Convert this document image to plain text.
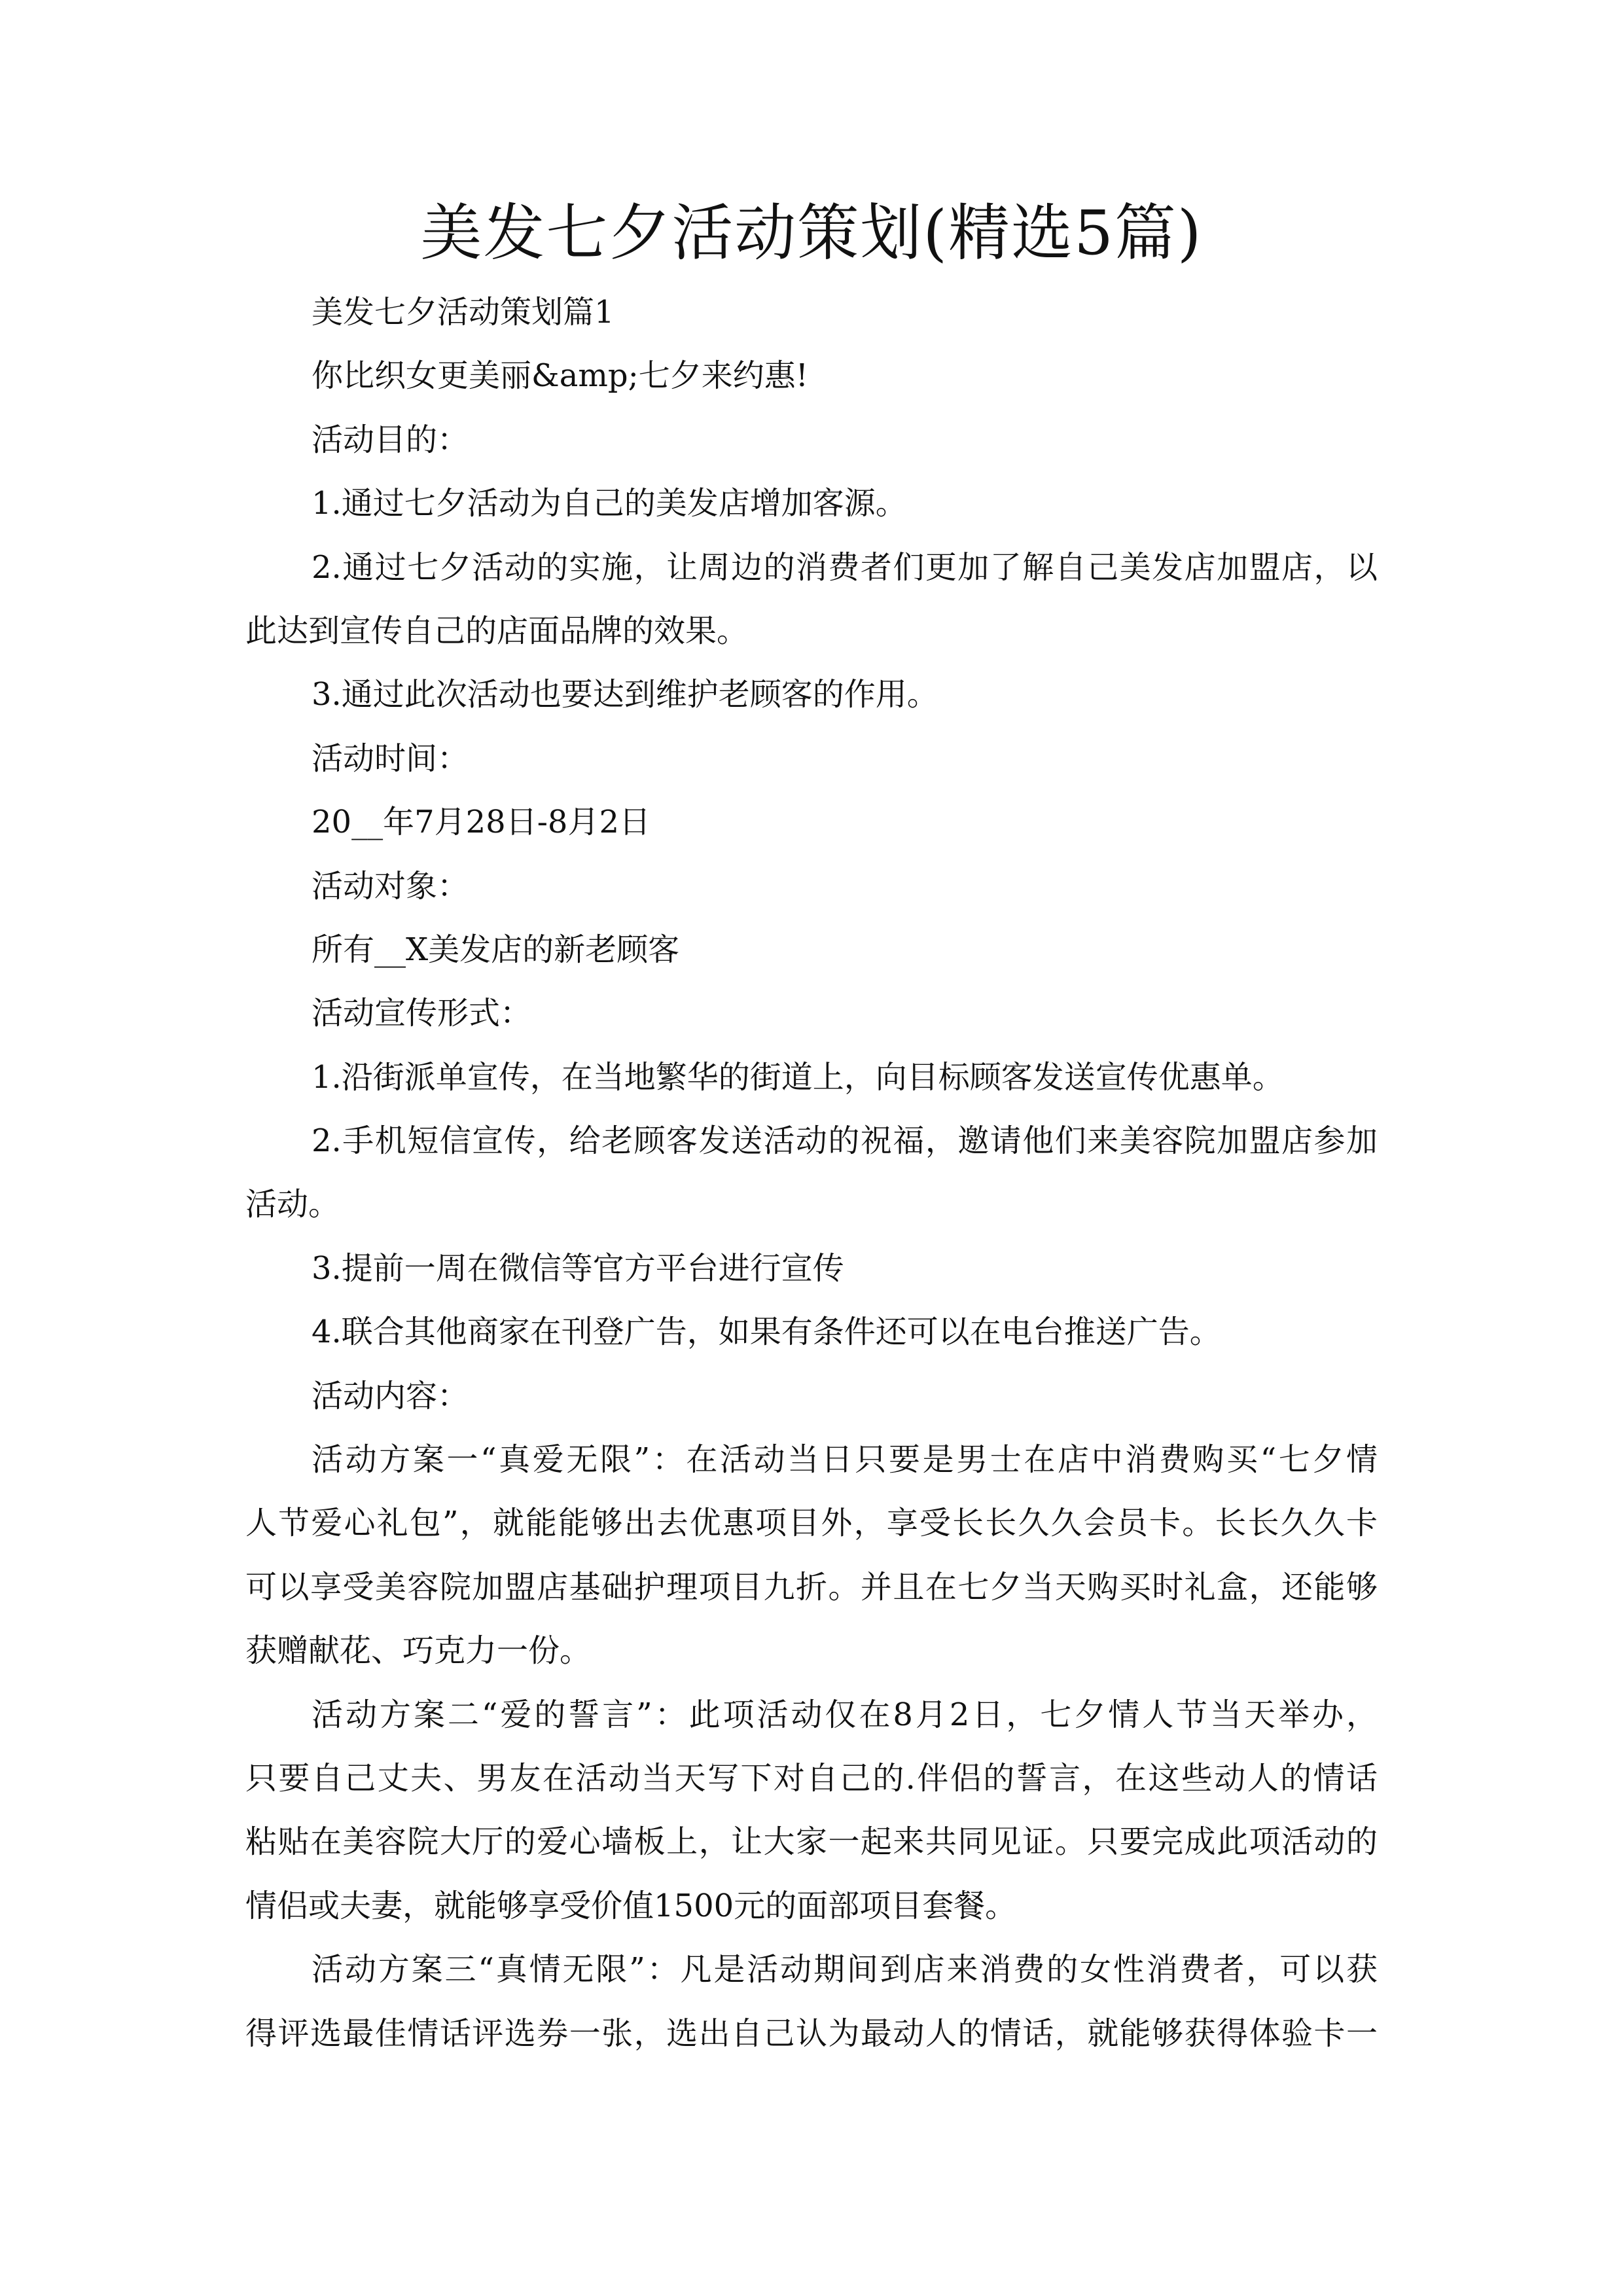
美发七夕活动策划(精选5篇)
美发七夕活动策划篇1
你比织女更美丽&amp;七夕来约惠!
活动目的：
1.通过七夕活动为自己的美发店增加客源。
2.通过七夕活动的实施，让周边的消费者们更加了解自己美发店加盟店，以
此达到宣传自己的店面品牌的效果。
3.通过此次活动也要达到维护老顾客的作用。
活动时间：
20__年7月28日-8月2日
活动对象：
所有__X美发店的新老顾客
活动宣传形式：
1.沿街派单宣传，在当地繁华的街道上，向目标顾客发送宣传优惠单。
2.手机短信宣传，给老顾客发送活动的祝福，邀请他们来美容院加盟店参加
活动。
3.提前一周在微信等官方平台进行宣传
4.联合其他商家在刊登广告，如果有条件还可以在电台推送广告。
活动内容：
活动方案一“真爱无限”：在活动当日只要是男士在店中消费购买“七夕情
人节爱心礼包”，就能能够出去优惠项目外，享受长长久久会员卡。长长久久卡
可以享受美容院加盟店基础护理项目九折。并且在七夕当天购买时礼盒，还能够
获赠献花、巧克力一份。
活动方案二“爱的誓言”：此项活动仅在8月2日，七夕情人节当天举办，
只要自己丈夫、男友在活动当天写下对自己的.伴侣的誓言，在这些动人的情话
粘贴在美容院大厅的爱心墙板上，让大家一起来共同见证。只要完成此项活动的
情侣或夫妻，就能够享受价值1500元的面部项目套餐。
活动方案三“真情无限”：凡是活动期间到店来消费的女性消费者，可以获
得评选最佳情话评选券一张，选出自己认为最动人的情话，就能够获得体验卡一
